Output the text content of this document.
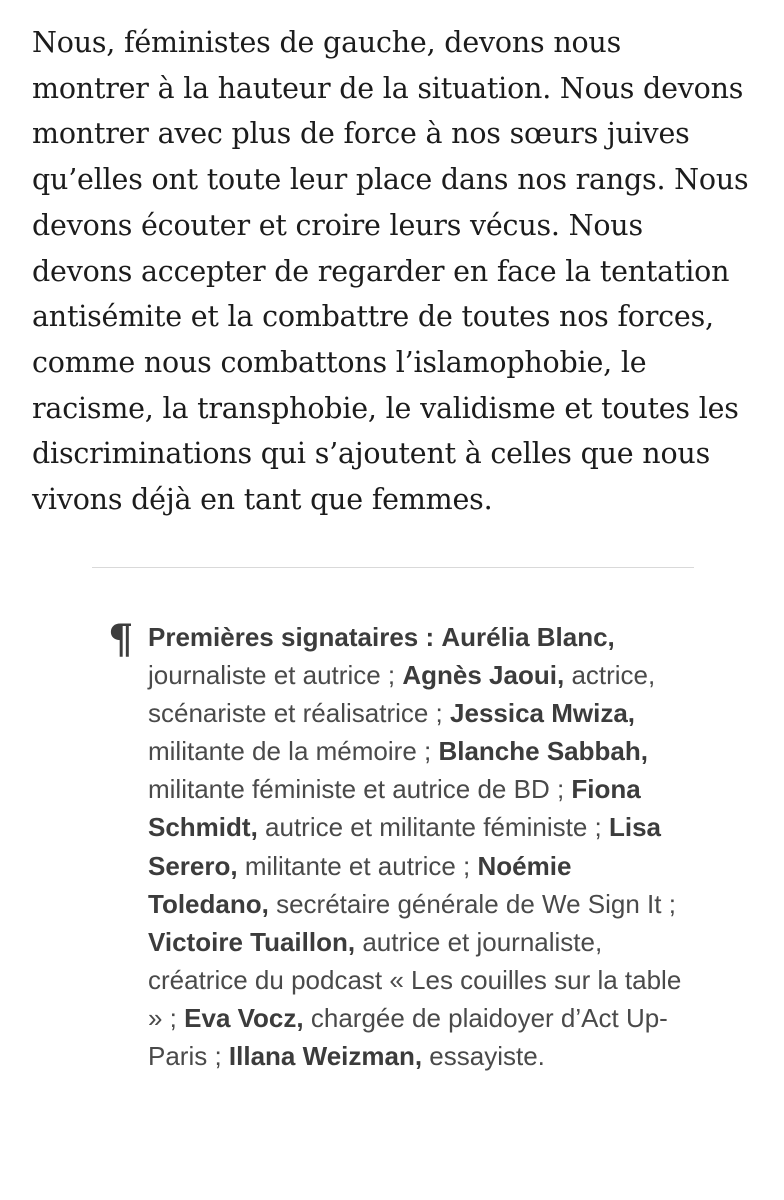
Nous, féministes de gauche, devons nous
montrer à la hauteur de la situation. Nous devons
montrer avec plus de force à nos sœurs juives
qu’elles ont toute leur place dans nos rangs. Nous
devons écouter et croire leurs vécus. Nous
devons accepter de regarder en face la tentation
antisémite et la combattre de toutes nos forces,
comme nous combattons l’islamophobie, le
racisme, la transphobie, le validisme et toutes les
discriminations qui s’ajoutent à celles que nous
vivons déjà en tant que femmes.

¶ Premières signataires : Aurélia Blanc, journaliste et autrice ; Agnès Jaoui, actrice, scénariste et réalisatrice ; Jessica Mwiza, militante de la mémoire ; Blanche Sabbah, militante féministe et autrice de BD ; Fiona Schmidt, autrice et militante féministe ; Lisa Serero, militante et autrice ; Noémie Toledano, secrétaire générale de We Sign It ; Victoire Tuaillon, autrice et journaliste, créatrice du podcast « Les couilles sur la table » ; Eva Vocz, chargée de plaidoyer d’Act Up-Paris ; Illana Weizman, essayiste.
